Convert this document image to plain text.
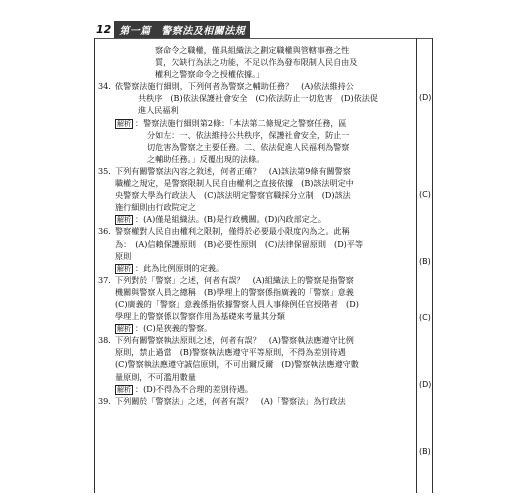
12 第一篇　警察法及相關法規
察命令之職權，僅具組織法之劃定職權與管轄事務之性
質，欠缺行為法之功能，不足以作為發布限制人民自由及
權利之警察命令之授權依據。」
34. 依警察法施行細則，下列何者為警察之輔助任務？　(A)依法維持公
共秩序　(B)依法保護社會安全　(C)依法防止一切危害　(D)依法促
進人民福利
解析 ：警察法施行細則第2條：「本法第二條規定之警察任務，區
分如左：一、依法維持公共秩序，保護社會安全，防止一
切危害為警察之主要任務。二、依法促進人民福利為警察
之輔助任務。」反覆出現的法條。
35. 下列有關警察法內容之敘述，何者正確？　(A)該法第9條有關警察
職權之規定，是警察限制人民自由權利之直接依據　(B)該法明定中
央警察大學為行政法人　(C)該法明定警察官職採分立制　(D)該法
施行細則由行政院定之
解析 ：(A)僅是組織法。(B)是行政機關。(D)內政部定之。
36. 警察權對人民自由權利之限制，僅得於必要最小限度內為之。此稱
為：　(A)信賴保護原則　(B)必要性原則　(C)法律保留原則　(D)平等
原則
解析 ：此為比例原則的定義。
37. 下列對於「警察」之述，何者有誤？　(A)組織法上的警察是指警察
機關與警察人員之總稱　(B)學理上的警察係指廣義的「警察」意義
(C)廣義的「警察」意義係指依據警察人員人事條例任官授階者　(D)
學理上的警察係以警察作用為基礎來考量其分類
解析 ：(C)是狹義的警察。
38. 下列有關警察執法原則之述，何者有誤？　(A)警察執法應遵守比例
原則，禁止過當　(B)警察執法應遵守平等原則，不得為差別待遇
(C)警察執法應遵守誠信原則，不可出爾反爾　(D)警察執法應遵守數
量原則，不可濫用數量
解析 ：(D)不得為不合理的差別待遇。
39. 下列關於「警察法」之述，何者有誤？　(A)「警察法」為行政法
(D)
(C)
(B)
(C)
(D)
(B)
